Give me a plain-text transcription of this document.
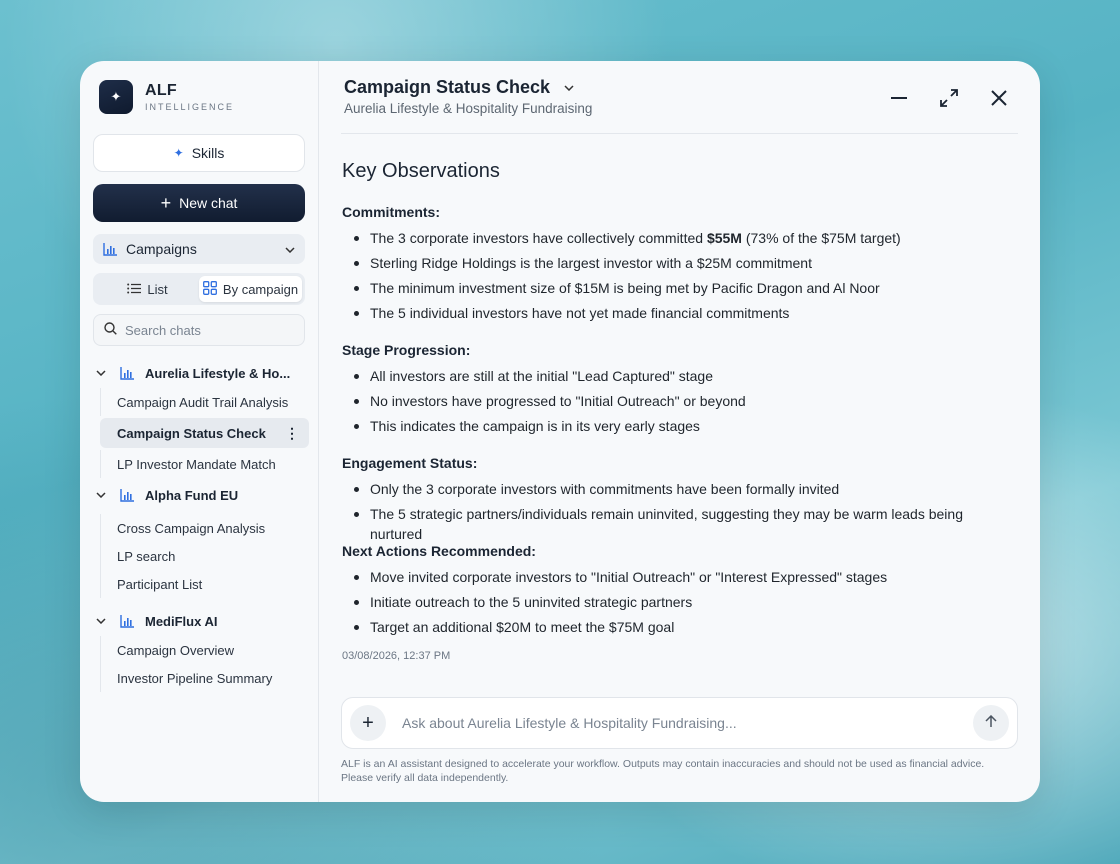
✦	ALF
INTELLIGENCE
✦ Skills
+ New chat
Campaigns
List	By campaign
Search chats
Aurelia Lifestyle & Ho...
Campaign Audit Trail Analysis
Campaign Status Check ⋮
LP Investor Mandate Match
Alpha Fund EU
Cross Campaign Analysis
LP search
Participant List
MediFlux AI
Campaign Overview
Investor Pipeline Summary
Campaign Status Check
Aurelia Lifestyle & Hospitality Fundraising
Key Observations
Commitments:
The 3 corporate investors have collectively committed $55M (73% of the $75M target)
Sterling Ridge Holdings is the largest investor with a $25M commitment
The minimum investment size of $15M is being met by Pacific Dragon and Al Noor
The 5 individual investors have not yet made financial commitments
Stage Progression:
All investors are still at the initial "Lead Captured" stage
No investors have progressed to "Initial Outreach" or beyond
This indicates the campaign is in its very early stages
Engagement Status:
Only the 3 corporate investors with commitments have been formally invited
The 5 strategic partners/individuals remain uninvited, suggesting they may be warm leads being nurtured
Next Actions Recommended:
Move invited corporate investors to "Initial Outreach" or "Interest Expressed" stages
Initiate outreach to the 5 uninvited strategic partners
Target an additional $20M to meet the $75M goal
03/08/2026, 12:37 PM
+
Ask about Aurelia Lifestyle & Hospitality Fundraising...
ALF is an AI assistant designed to accelerate your workflow. Outputs may contain inaccuracies and should not be used as financial advice. Please verify all data independently.
